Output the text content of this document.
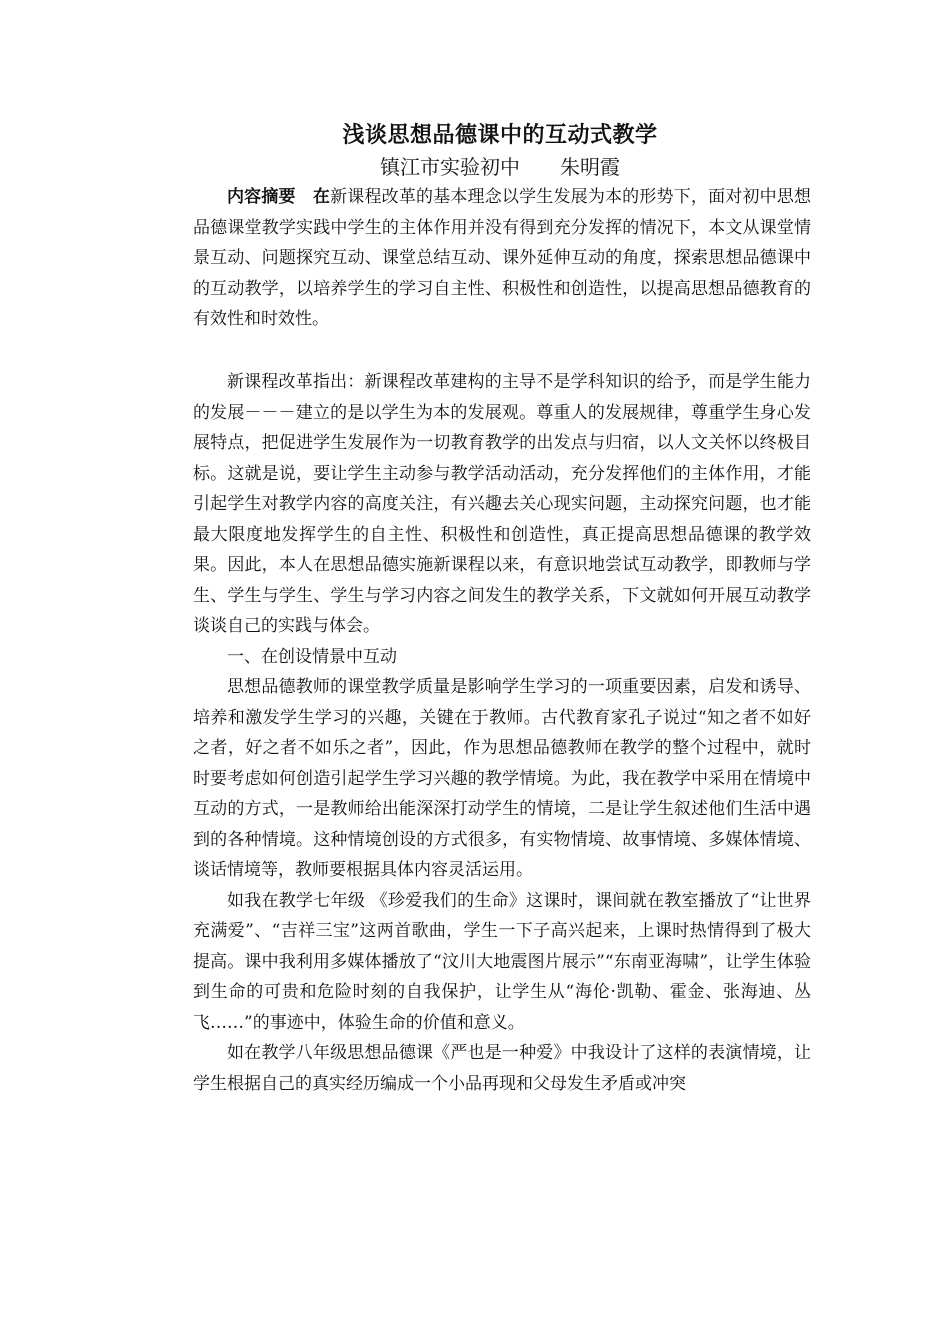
浅谈思想品德课中的互动式教学
镇江市实验初中　　朱明霞

内容摘要　在新课程改革的基本理念以学生发展为本的形势下，面对初中思想品德课堂教学实践中学生的主体作用并没有得到充分发挥的情况下，本文从课堂情景互动、问题探究互动、课堂总结互动、课外延伸互动的角度，探索思想品德课中的互动教学，以培养学生的学习自主性、积极性和创造性，以提高思想品德教育的有效性和时效性。

新课程改革指出：新课程改革建构的主导不是学科知识的给予，而是学生能力的发展－－－建立的是以学生为本的发展观。尊重人的发展规律，尊重学生身心发展特点，把促进学生发展作为一切教育教学的出发点与归宿，以人文关怀以终极目标。这就是说，要让学生主动参与教学活动活动，充分发挥他们的主体作用，才能引起学生对教学内容的高度关注，有兴趣去关心现实问题，主动探究问题，也才能最大限度地发挥学生的自主性、积极性和创造性，真正提高思想品德课的教学效果。因此，本人在思想品德实施新课程以来，有意识地尝试互动教学，即教师与学生、学生与学生、学生与学习内容之间发生的教学关系，下文就如何开展互动教学谈谈自己的实践与体会。

一、在创设情景中互动

思想品德教师的课堂教学质量是影响学生学习的一项重要因素，启发和诱导、培养和激发学生学习的兴趣，关键在于教师。古代教育家孔子说过“知之者不如好之者，好之者不如乐之者”，因此，作为思想品德教师在教学的整个过程中，就时时要考虑如何创造引起学生学习兴趣的教学情境。为此，我在教学中采用在情境中互动的方式，一是教师给出能深深打动学生的情境，二是让学生叙述他们生活中遇到的各种情境。这种情境创设的方式很多，有实物情境、故事情境、多媒体情境、谈话情境等，教师要根据具体内容灵活运用。

如我在教学七年级 《珍爱我们的生命》这课时，课间就在教室播放了“让世界充满爱”、“吉祥三宝”这两首歌曲，学生一下子高兴起来，上课时热情得到了极大提高。课中我利用多媒体播放了“汶川大地震图片展示”“东南亚海啸”，让学生体验到生命的可贵和危险时刻的自我保护，让学生从“海伦·凯勒、霍金、张海迪、丛飞……”的事迹中，体验生命的价值和意义。

如在教学八年级思想品德课《严也是一种爱》中我设计了这样的表演情境，让学生根据自己的真实经历编成一个小品再现和父母发生矛盾或冲突
